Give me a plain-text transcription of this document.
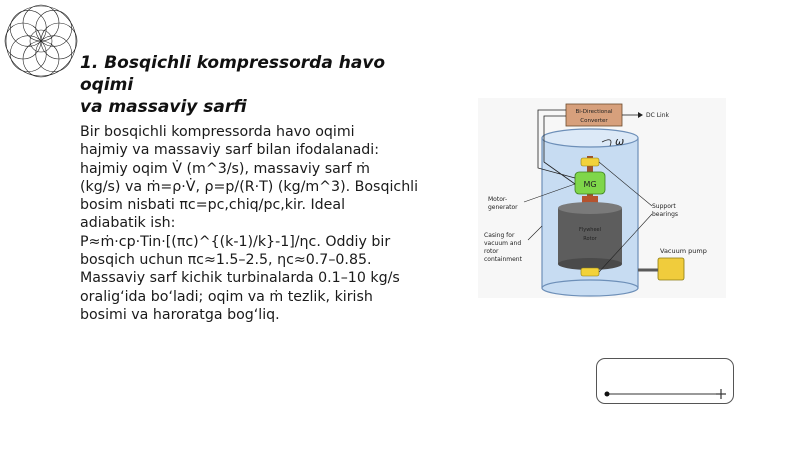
1. Bosqichli kompressorda havo oqimi
va massaviy sarfi

Bir bosqichli kompressorda havo oqimi
hajmiy va massaviy sarf bilan ifodalanadi:
hajmiy oqim V̇ (m^3/s), massaviy sarf ṁ
(kg/s) va ṁ=ρ·V̇, ρ=p/(R·T) (kg/m^3). Bosqichli
bosim nisbati πc=pc,chiq/pc,kir. Ideal
adiabatik ish:
P≈ṁ·cp·Tin·[(πc)^{(k-1)/k}-1]/ηc. Oddiy bir
bosqich uchun πc≈1.5–2.5, ηc≈0.7–0.85.
Massaviy sarf kichik turbinalarda 0.1–10 kg/s
oralig‘ida bo‘ladi; oqim va ṁ tezlik, kirish
bosimi va haroratga bog‘liq.

MG
Flywheel
Rotor
ω
Bi-Directional
Converter
DC Link
Motor-
generator
Casing for
vacuum and
rotor
containment
Support
bearings
Vacuum pump
